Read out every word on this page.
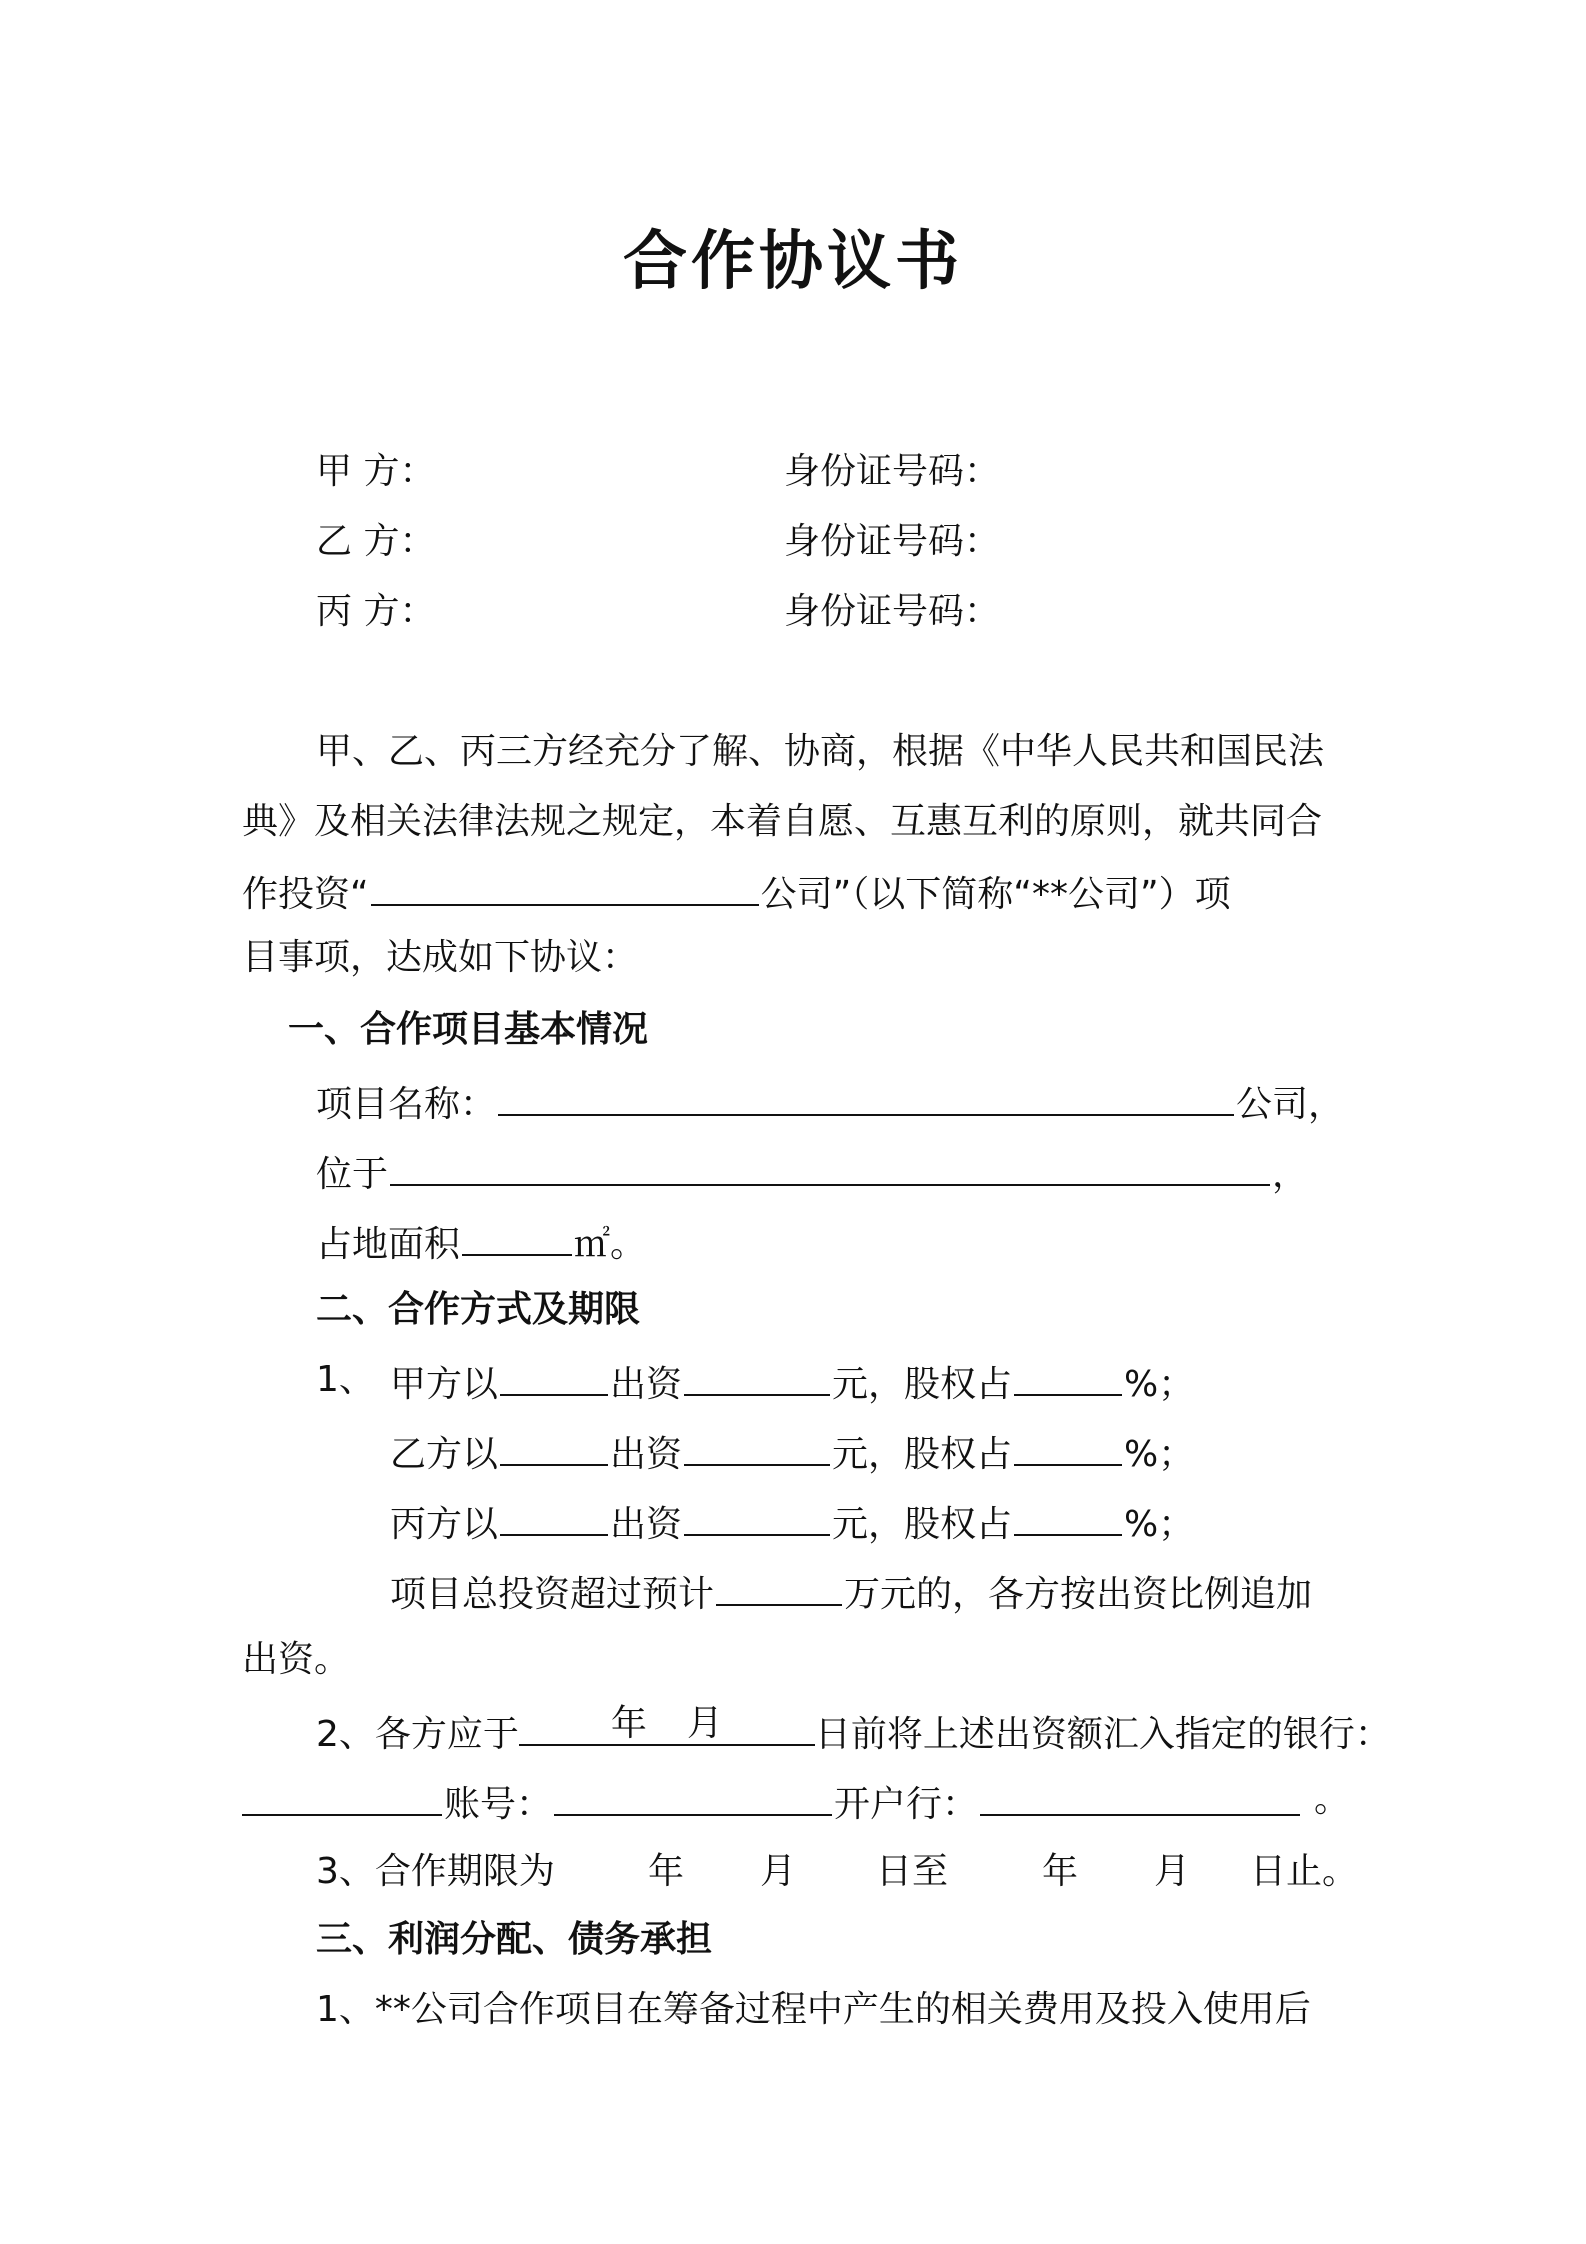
合作协议书
甲 方：	身份证号码：
乙 方：	身份证号码：
丙 方：	身份证号码：
甲、乙、丙三方经充分了解、协商，根据《中华人民共和国民法
典》及相关法律法规之规定，本着自愿、互惠互利的原则，就共同合
作投资“	公司”（以下简称“**公司”）项
目事项，达成如下协议：
一、合作项目基本情况
项目名称：	公司，
位于	，
占地面积	㎡。
二、合作方式及期限
1、 甲方以	出资	元，股权占	%；
乙方以	出资	元，股权占	%；
丙方以	出资	元，股权占	%；
项目总投资超过预计	万元的，各方按出资比例追加
出资。
2、各方应于	年 月	日前将上述出资额汇入指定的银行：
账号：	开户行：	。
3、合作期限为	年 月 日至	年 月 日止。
三、利润分配、债务承担
1、**公司合作项目在筹备过程中产生的相关费用及投入使用后
